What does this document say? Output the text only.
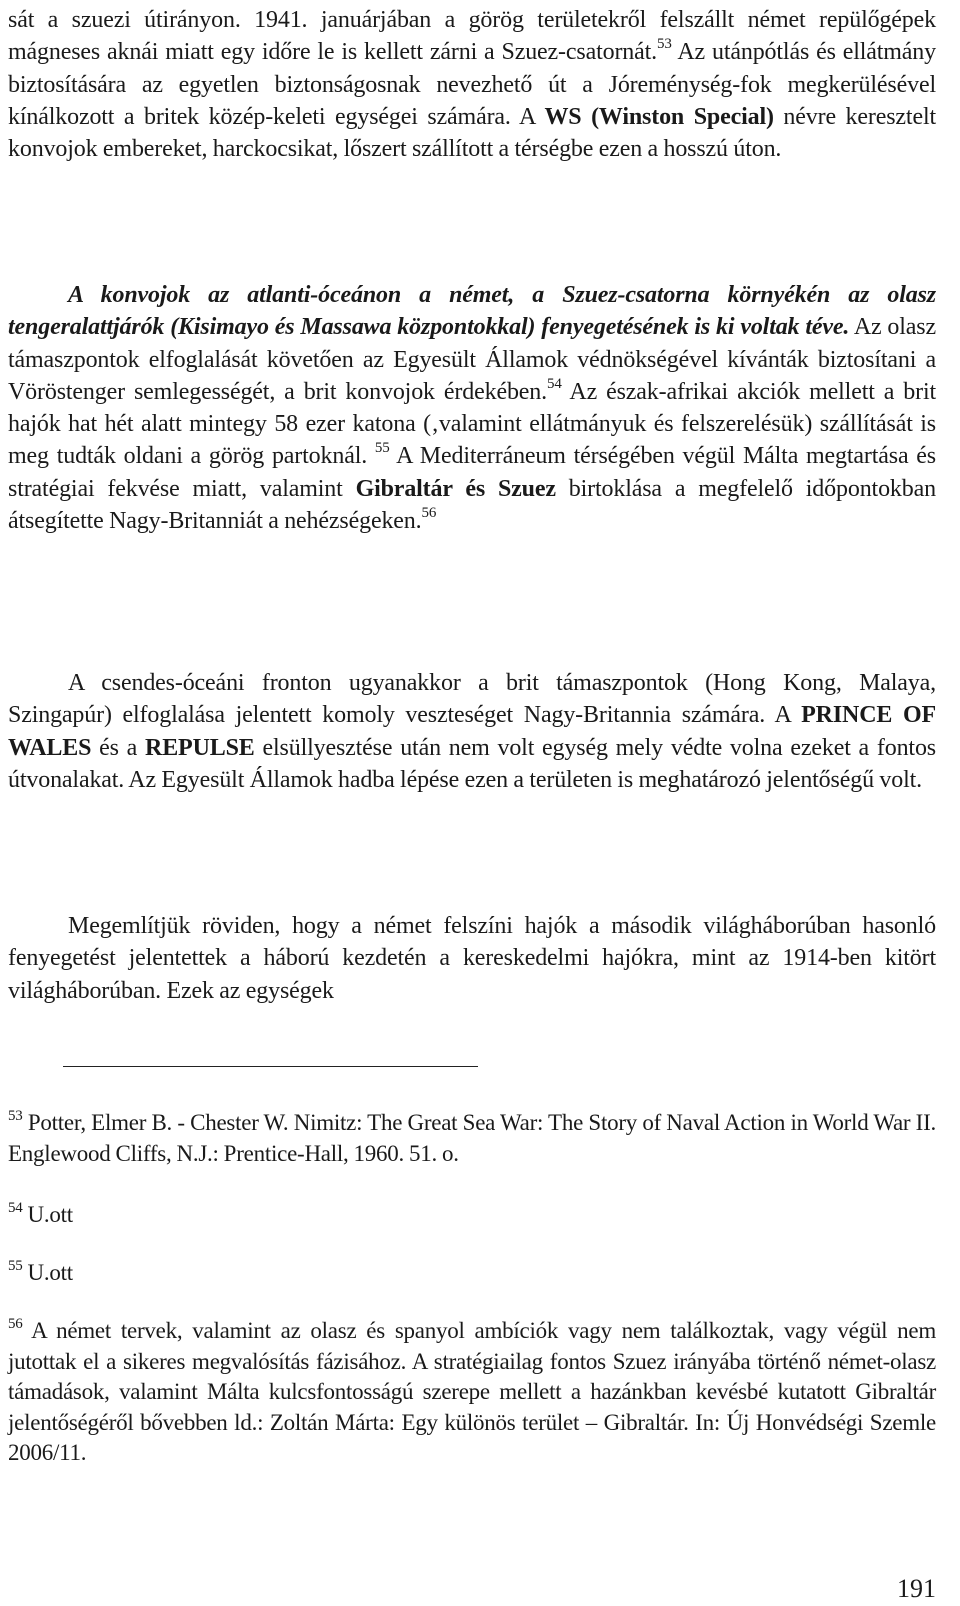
sát a szuezi útirányon. 1941. januárjában a görög területekről felszállt német repülőgépek mágneses aknái miatt egy időre le is kellett zárni a Szuez-csatornát.$^{53}$ Az utánpótlás és ellátmány biztosítására az egyetlen biztonságosnak nevezhető út a Jóreménység-fok megkerülésével kínálkozott a britek közép-keleti egységei számára. A WS (Winston Special) névre keresztelt konvojok embereket, harckocsikat, lőszert szállított a térségbe ezen a hosszú úton.

A konvojok az atlanti-óceánon a német, a Szuez-csatorna környékén az olasz tengeralattjárók (Kisimayo és Massawa központokkal) fenyegetésének is ki voltak téve. Az olasz támaszpontok elfoglalását követően az Egyesült Államok védnökségével kívánták biztosítani a Vöröstenger semlegességét, a brit konvojok érdekében.$^{54}$ Az észak-afrikai akciók mellett a brit hajók hat hét alatt mintegy 58 ezer katona (‚valamint ellátmányuk és felszerelésük) szállítását is meg tudták oldani a görög partoknál. $^{55}$ A Mediterráneum térségében végül Málta megtartása és stratégiai fekvése miatt, valamint Gibraltár és Szuez birtoklása a megfelelő időpontokban átsegítette Nagy-Britanniát a nehézségeken.$^{56}$

A csendes-óceáni fronton ugyanakkor a brit támaszpontok (Hong Kong, Malaya, Szingapúr) elfoglalása jelentett komoly veszteséget Nagy-Britannia számára. A PRINCE OF WALES és a REPULSE elsüllyesztése után nem volt egység mely védte volna ezeket a fontos útvonalakat. Az Egyesült Államok hadba lépése ezen a területen is meghatározó jelentőségű volt.

Megemlítjük röviden, hogy a német felszíni hajók a második világháborúban hasonló fenyegetést jelentettek a háború kezdetén a kereskedelmi hajókra, mint az 1914-ben kitört világháborúban. Ezek az egységek

$^{53}$ Potter, Elmer B. - Chester W. Nimitz: The Great Sea War: The Story of Naval Action in World War II. Englewood Cliffs, N.J.: Prentice-Hall, 1960. 51. o.

$^{54}$ U.ott

$^{55}$ U.ott

$^{56}$ A német tervek, valamint az olasz és spanyol ambíciók vagy nem találkoztak, vagy végül nem jutottak el a sikeres megvalósítás fázisához. A stratégiailag fontos Szuez irányába történő német-olasz támadások, valamint Málta kulcsfontosságú szerepe mellett a hazánkban kevésbé kutatott Gibraltár jelentőségéről bővebben ld.: Zoltán Márta: Egy különös terület – Gibraltár. In: Új Honvédségi Szemle 2006/11.

191
